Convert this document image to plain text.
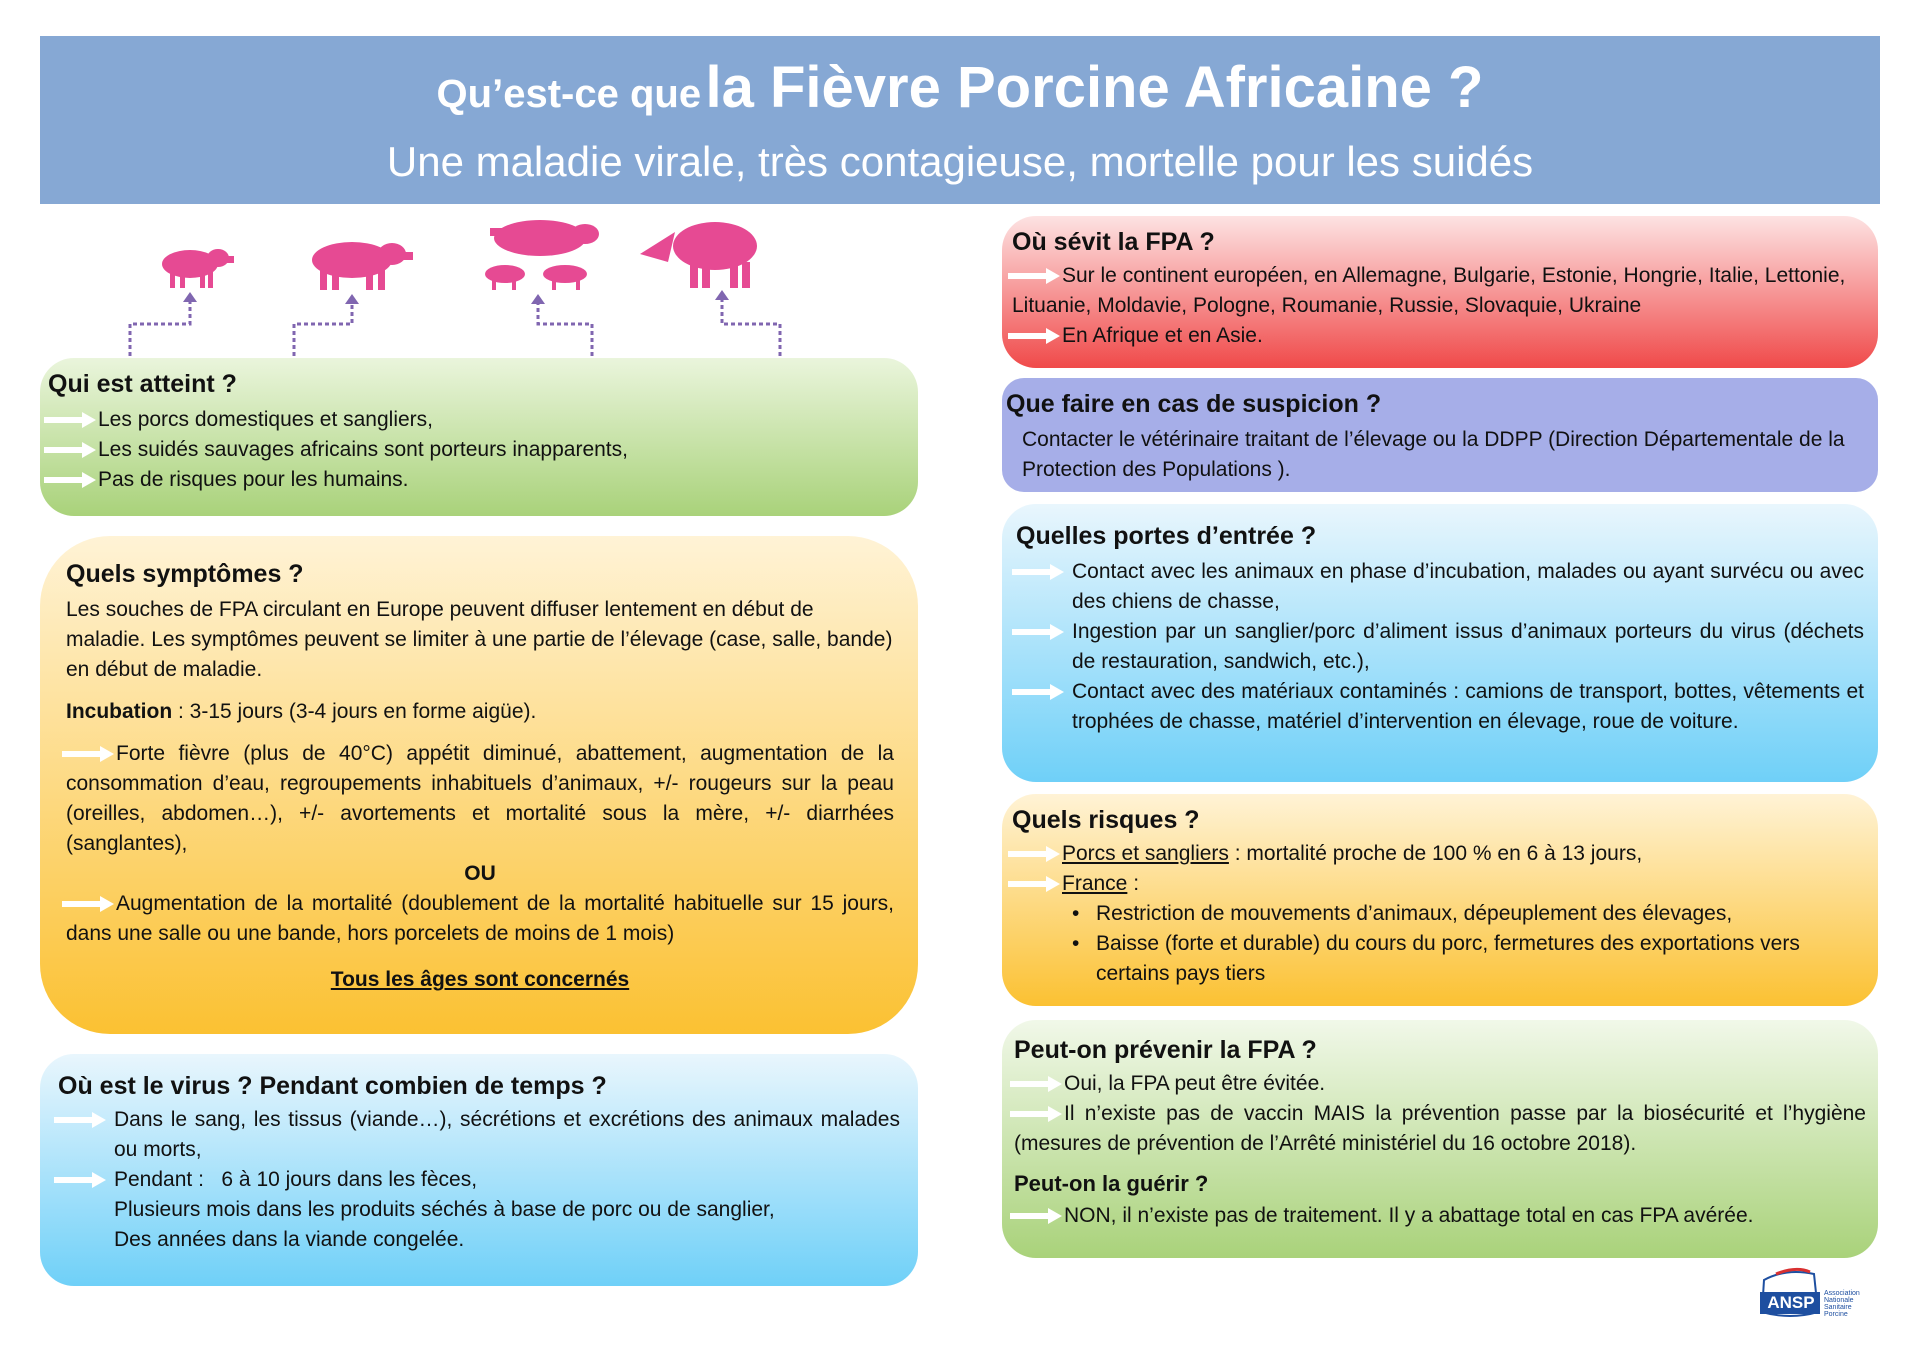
Qu’est-ce que la Fièvre Porcine Africaine ?
Une maladie virale, très contagieuse, mortelle pour les suidés
Qui est atteint ?
Les porcs domestiques et sangliers,
Les suidés sauvages africains sont porteurs inapparents,
Pas de risques pour les humains.
Quels symptômes ?
Les souches de FPA circulant en Europe peuvent diffuser lentement en début de maladie. Les symptômes peuvent se limiter à une partie de l’élevage (case, salle, bande) en début de maladie.
Incubation : 3-15 jours (3-4 jours en forme aigüe).
Forte fièvre (plus de 40°C) appétit diminué, abattement, augmentation de la consommation d’eau, regroupements inhabituels d’animaux, +/- rougeurs sur la peau (oreilles, abdomen…), +/- avortements et mortalité sous la mère, +/- diarrhées (sanglantes),
OU
Augmentation de la mortalité (doublement de la mortalité habituelle sur 15 jours, dans une salle ou une bande, hors porcelets de moins de 1 mois)
Tous les âges sont concernés
Où est le virus ? Pendant combien de temps ?
Dans le sang, les tissus (viande…), sécrétions et excrétions des animaux malades ou morts,
Pendant : 6 à 10 jours dans les fèces,
Plusieurs mois dans les produits séchés à base de porc ou de sanglier,
Des années dans la viande congelée.
Où sévit la FPA ?
Sur le continent européen, en Allemagne, Bulgarie, Estonie, Hongrie, Italie, Lettonie, Lituanie, Moldavie, Pologne, Roumanie, Russie, Slovaquie, Ukraine
En Afrique et en Asie.
Que faire en cas de suspicion ?
Contacter le vétérinaire traitant de l’élevage ou la DDPP (Direction Départementale de la Protection des Populations ).
Quelles portes d’entrée ?
Contact avec les animaux en phase d’incubation, malades ou ayant survécu ou avec des chiens de chasse,
Ingestion par un sanglier/porc d’aliment issus d’animaux porteurs du virus (déchets de restauration, sandwich, etc.),
Contact avec des matériaux contaminés : camions de transport, bottes, vêtements et trophées de chasse, matériel d’intervention en élevage, roue de voiture.
Quels risques ?
Porcs et sangliers : mortalité proche de 100 % en 6 à 13 jours,
France :
• Restriction de mouvements d’animaux, dépeuplement des élevages,
• Baisse (forte et durable) du cours du porc, fermetures des exportations vers certains pays tiers
Peut-on prévenir la FPA ?
Oui, la FPA peut être évitée.
Il n’existe pas de vaccin MAIS la prévention passe par la biosécurité et l’hygiène (mesures de prévention de l’Arrêté ministériel du 16 octobre 2018).
Peut-on la guérir ?
NON, il n’existe pas de traitement. Il y a abattage total en cas FPA avérée.
ANSP	Association
Nationale
Sanitaire
Porcine
